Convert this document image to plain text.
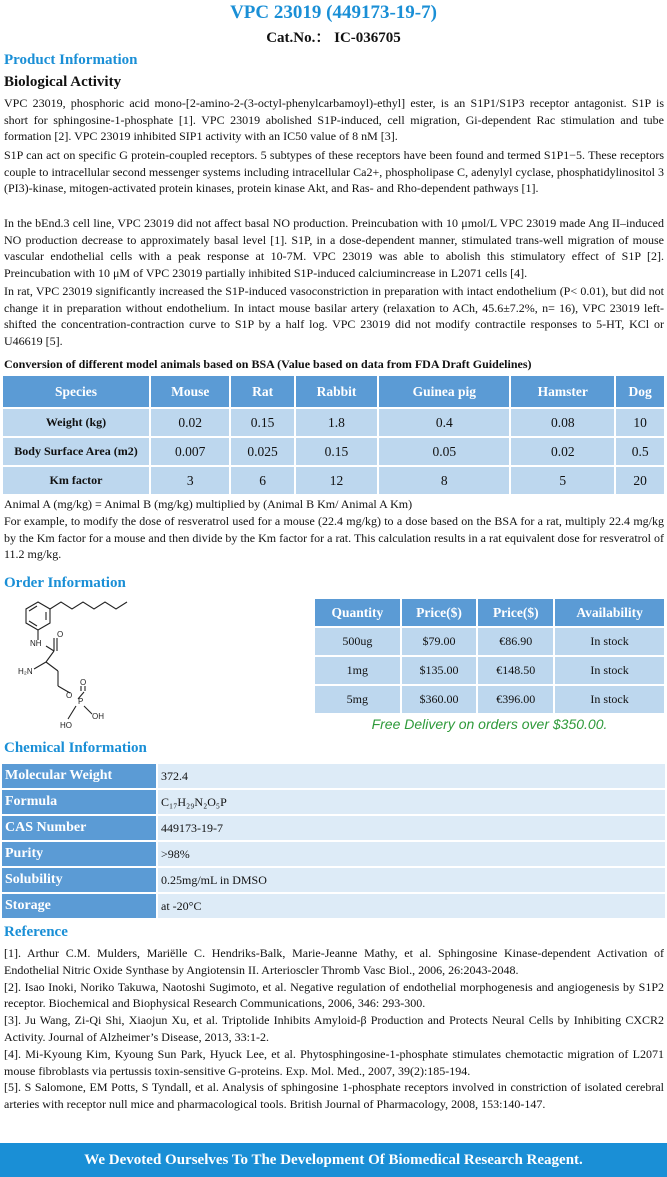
VPC 23019 (449173-19-7)
Cat.No.： IC-036705
Product Information
Biological Activity
VPC 23019, phosphoric acid mono-[2-amino-2-(3-octyl-phenylcarbamoyl)-ethyl] ester, is an S1P1/S1P3 receptor antagonist. S1P is short for sphingosine-1-phosphate [1]. VPC 23019 abolished S1P-induced, cell migration, Gi-dependent Rac stimulation and tube formation [2]. VPC 23019 inhibited SIP1 activity with an IC50 value of 8 nM [3].
S1P can act on specific G protein-coupled receptors. 5 subtypes of these receptors have been found and termed S1P1−5. These receptors couple to intracellular second messenger systems including intracellular Ca2+, phospholipase C, adenylyl cyclase, phosphatidylinositol 3 (PI3)-kinase, mitogen-activated protein kinases, protein kinase Akt, and Ras- and Rho-dependent pathways [1].
In the bEnd.3 cell line, VPC 23019 did not affect basal NO production. Preincubation with 10 μmol/L VPC 23019 made Ang II–induced NO production decrease to approximately basal level [1]. S1P, in a dose-dependent manner, stimulated trans-well migration of mouse vascular endothelial cells with a peak response at 10-7M. VPC 23019 was able to abolish this stimulatory effect of S1P [2]. Preincubation with 10 μM of VPC 23019 partially inhibited S1P-induced calciumincrease in L2071 cells [4].
In rat, VPC 23019 significantly increased the S1P-induced vasoconstriction in preparation with intact endothelium (P< 0.01), but did not change it in preparation without endothelium. In intact mouse basilar artery (relaxation to ACh, 45.6±7.2%, n= 16), VPC 23019 left-shifted the concentration-contraction curve to S1P by a half log. VPC 23019 did not modify contractile responses to 5-HT, KCl or U46619 [5].
Conversion of different model animals based on BSA (Value based on data from FDA Draft Guidelines)
Species	Mouse	Rat	Rabbit	Guinea pig	Hamster	Dog
Weight (kg)	0.02	0.15	1.8	0.4	0.08	10
Body Surface Area (m2)	0.007	0.025	0.15	0.05	0.02	0.5
Km factor	3	6	12	8	5	20
Animal A (mg/kg) = Animal B (mg/kg) multiplied by (Animal B Km/ Animal A Km)
For example, to modify the dose of resveratrol used for a mouse (22.4 mg/kg) to a dose based on the BSA for a rat, multiply 22.4 mg/kg by the Km factor for a mouse and then divide by the Km factor for a rat. This calculation results in a rat equivalent dose for resveratrol of 11.2 mg/kg.
Order Information
NH
O
H₂N
O
P
O
OH
HO
Quantity	Price($)	Price($)	Availability
500ug	$79.00	€86.90	In stock
1mg	$135.00	€148.50	In stock
5mg	$360.00	€396.00	In stock
Free Delivery on orders over $350.00.
Chemical Information
Molecular Weight	372.4
Formula	C₁₇H₂₉N₂O₅P
CAS Number	449173-19-7
Purity	>98%
Solubility	0.25mg/mL in DMSO
Storage	at -20°C
Reference
[1]. Arthur C.M. Mulders, Mariëlle C. Hendriks-Balk, Marie-Jeanne Mathy, et al. Sphingosine Kinase-dependent Activation of Endothelial Nitric Oxide Synthase by Angiotensin II. Arterioscler Thromb Vasc Biol., 2006, 26:2043-2048.
[2]. Isao Inoki, Noriko Takuwa, Naotoshi Sugimoto, et al. Negative regulation of endothelial morphogenesis and angiogenesis by S1P2 receptor. Biochemical and Biophysical Research Communications, 2006, 346: 293-300.
[3]. Ju Wang, Zi-Qi Shi, Xiaojun Xu, et al. Triptolide Inhibits Amyloid-β Production and Protects Neural Cells by Inhibiting CXCR2 Activity. Journal of Alzheimer’s Disease, 2013, 33:1-2.
[4]. Mi-Kyoung Kim, Kyoung Sun Park, Hyuck Lee, et al. Phytosphingosine-1-phosphate stimulates chemotactic migration of L2071 mouse fibroblasts via pertussis toxin-sensitive G-proteins. Exp. Mol. Med., 2007, 39(2):185-194.
[5]. S Salomone, EM Potts, S Tyndall, et al. Analysis of sphingosine 1-phosphate receptors involved in constriction of isolated cerebral arteries with receptor null mice and pharmacological tools. British Journal of Pharmacology, 2008, 153:140-147.
We Devoted Ourselves To The Development Of Biomedical Research Reagent.
